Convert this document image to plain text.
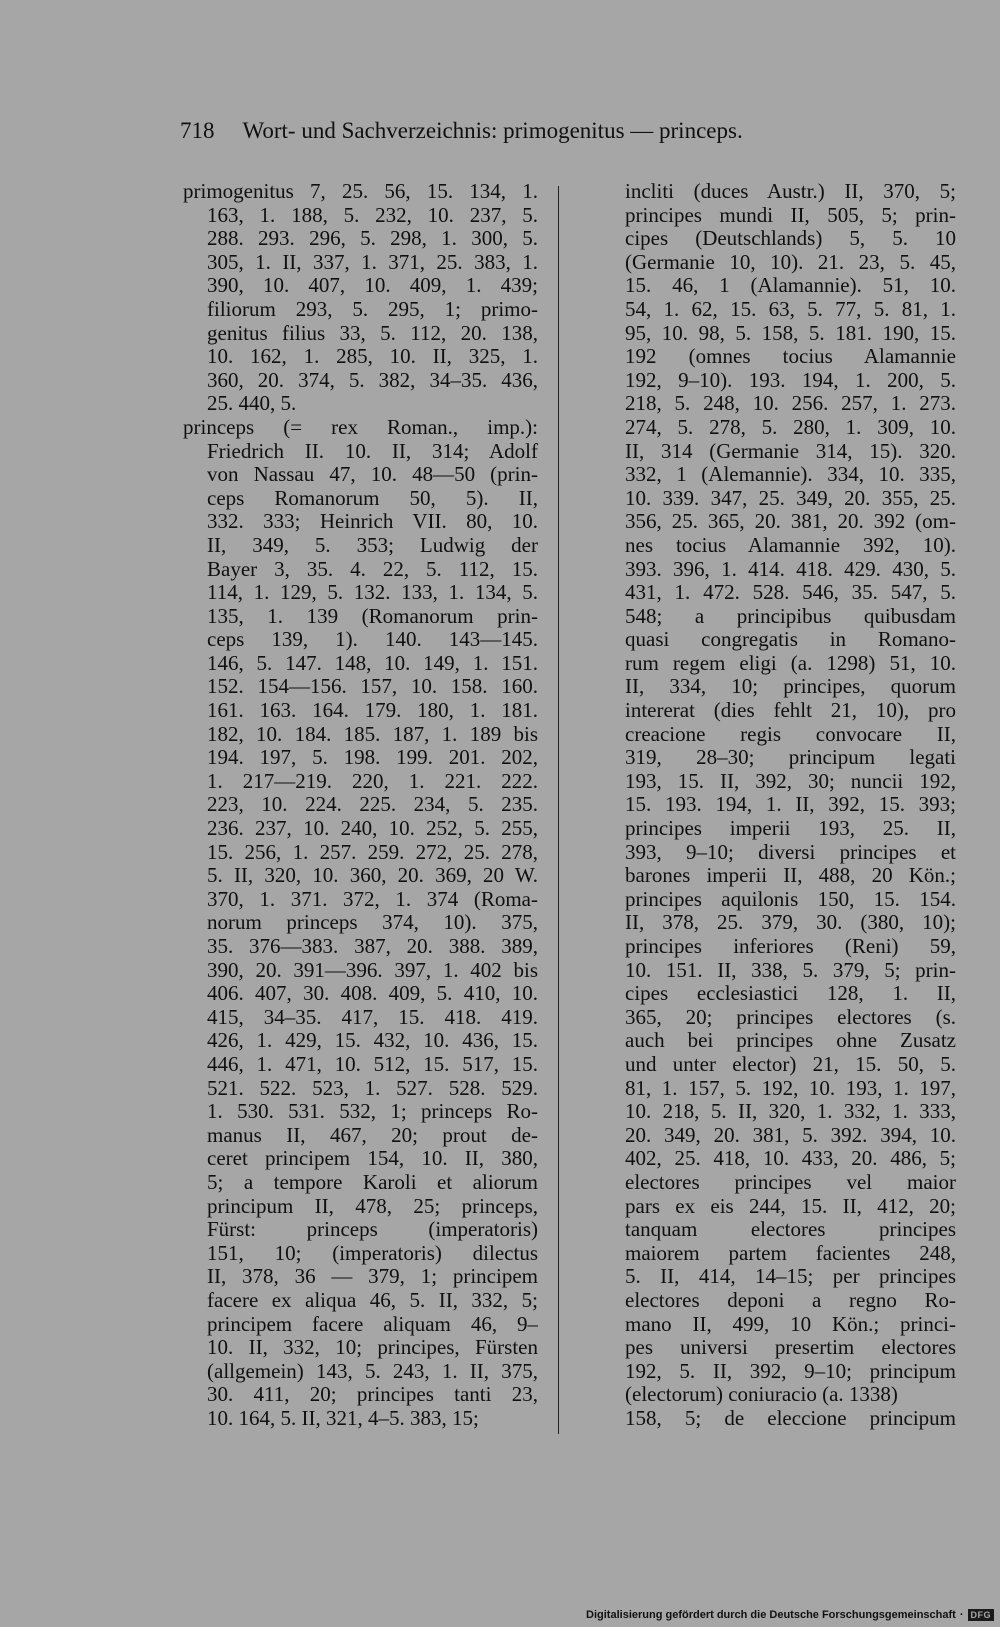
718 Wort- und Sachverzeichnis: primogenitus — princeps.
primogenitus 7, 25. 56, 15. 134, 1.
163, 1. 188, 5. 232, 10. 237, 5.
288. 293. 296, 5. 298, 1. 300, 5.
305, 1. II, 337, 1. 371, 25. 383, 1.
390, 10. 407, 10. 409, 1. 439;
filiorum 293, 5. 295, 1; primo-
genitus filius 33, 5. 112, 20. 138,
10. 162, 1. 285, 10. II, 325, 1.
360, 20. 374, 5. 382, 34–35. 436,
25. 440, 5.
princeps (= rex Roman., imp.):
Friedrich II. 10. II, 314; Adolf
von Nassau 47, 10. 48—50 (prin-
ceps Romanorum 50, 5). II,
332. 333; Heinrich VII. 80, 10.
II, 349, 5. 353; Ludwig der
Bayer 3, 35. 4. 22, 5. 112, 15.
114, 1. 129, 5. 132. 133, 1. 134, 5.
135, 1. 139 (Romanorum prin-
ceps 139, 1). 140. 143—145.
146, 5. 147. 148, 10. 149, 1. 151.
152. 154—156. 157, 10. 158. 160.
161. 163. 164. 179. 180, 1. 181.
182, 10. 184. 185. 187, 1. 189 bis
194. 197, 5. 198. 199. 201. 202,
1. 217—219. 220, 1. 221. 222.
223, 10. 224. 225. 234, 5. 235.
236. 237, 10. 240, 10. 252, 5. 255,
15. 256, 1. 257. 259. 272, 25. 278,
5. II, 320, 10. 360, 20. 369, 20 W.
370, 1. 371. 372, 1. 374 (Roma-
norum princeps 374, 10). 375,
35. 376—383. 387, 20. 388. 389,
390, 20. 391—396. 397, 1. 402 bis
406. 407, 30. 408. 409, 5. 410, 10.
415, 34–35. 417, 15. 418. 419.
426, 1. 429, 15. 432, 10. 436, 15.
446, 1. 471, 10. 512, 15. 517, 15.
521. 522. 523, 1. 527. 528. 529.
1. 530. 531. 532, 1; princeps Ro-
manus II, 467, 20; prout de-
ceret principem 154, 10. II, 380,
5; a tempore Karoli et aliorum
principum II, 478, 25; princeps,
Fürst: princeps (imperatoris)
151, 10; (imperatoris) dilectus
II, 378, 36 — 379, 1; principem
facere ex aliqua 46, 5. II, 332, 5;
principem facere aliquam 46, 9–
10. II, 332, 10; principes, Fürsten
(allgemein) 143, 5. 243, 1. II, 375,
30. 411, 20; principes tanti 23,
10. 164, 5. II, 321, 4–5. 383, 15;
incliti (duces Austr.) II, 370, 5;
principes mundi II, 505, 5; prin-
cipes (Deutschlands) 5, 5. 10
(Germanie 10, 10). 21. 23, 5. 45,
15. 46, 1 (Alamannie). 51, 10.
54, 1. 62, 15. 63, 5. 77, 5. 81, 1.
95, 10. 98, 5. 158, 5. 181. 190, 15.
192 (omnes tocius Alamannie
192, 9–10). 193. 194, 1. 200, 5.
218, 5. 248, 10. 256. 257, 1. 273.
274, 5. 278, 5. 280, 1. 309, 10.
II, 314 (Germanie 314, 15). 320.
332, 1 (Alemannie). 334, 10. 335,
10. 339. 347, 25. 349, 20. 355, 25.
356, 25. 365, 20. 381, 20. 392 (om-
nes tocius Alamannie 392, 10).
393. 396, 1. 414. 418. 429. 430, 5.
431, 1. 472. 528. 546, 35. 547, 5.
548; a principibus quibusdam
quasi congregatis in Romano-
rum regem eligi (a. 1298) 51, 10.
II, 334, 10; principes, quorum
intererat (dies fehlt 21, 10), pro
creacione regis convocare II,
319, 28–30; principum legati
193, 15. II, 392, 30; nuncii 192,
15. 193. 194, 1. II, 392, 15. 393;
principes imperii 193, 25. II,
393, 9–10; diversi principes et
barones imperii II, 488, 20 Kön.;
principes aquilonis 150, 15. 154.
II, 378, 25. 379, 30. (380, 10);
principes inferiores (Reni) 59,
10. 151. II, 338, 5. 379, 5; prin-
cipes ecclesiastici 128, 1. II,
365, 20; principes electores (s.
auch bei principes ohne Zusatz
und unter elector) 21, 15. 50, 5.
81, 1. 157, 5. 192, 10. 193, 1. 197,
10. 218, 5. II, 320, 1. 332, 1. 333,
20. 349, 20. 381, 5. 392. 394, 10.
402, 25. 418, 10. 433, 20. 486, 5;
electores principes vel maior
pars ex eis 244, 15. II, 412, 20;
tanquam electores principes
maiorem partem facientes 248,
5. II, 414, 14–15; per principes
electores deponi a regno Ro-
mano II, 499, 10 Kön.; princi-
pes universi presertim electores
192, 5. II, 392, 9–10; principum
(electorum) coniuracio (a. 1338)
158, 5; de eleccione principum
Digitalisierung gefördert durch die Deutsche Forschungsgemeinschaft · DFG
